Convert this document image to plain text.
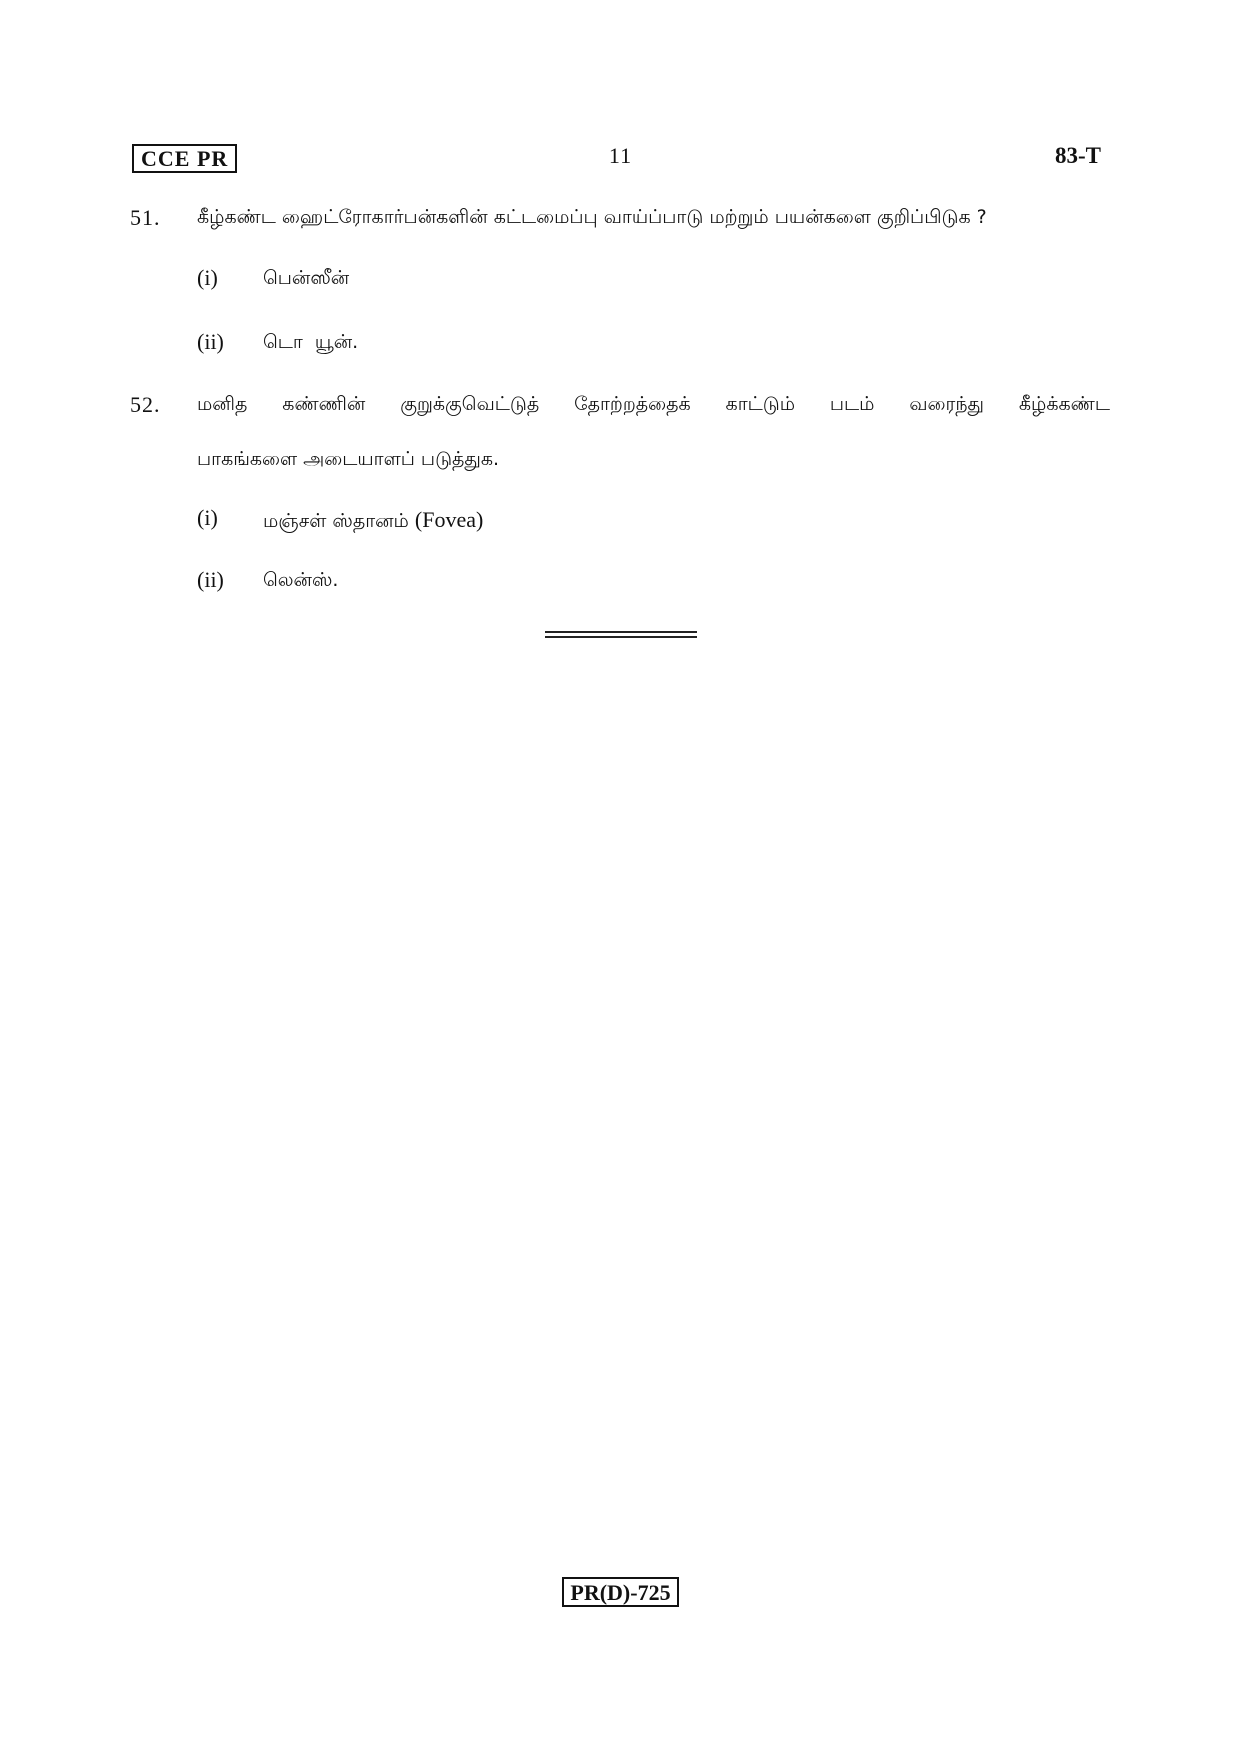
CCE PR	11	83-T
51. கீழ்கண்ட ஹைட்ரோகார்பன்களின் கட்டமைப்பு வாய்ப்பாடு மற்றும் பயன்களை குறிப்பிடுக ?
(i) பென்ஸீன்
(ii) டொ  யூன்.
52. மனித கண்ணின் குறுக்குவெட்டுத் தோற்றத்தைக் காட்டும் படம் வரைந்து கீழ்க்கண்ட
பாகங்களை அடையாளப் படுத்துக.
(i) மஞ்சள் ஸ்தானம் (Fovea)
(ii) லென்ஸ்.
PR(D)-725
